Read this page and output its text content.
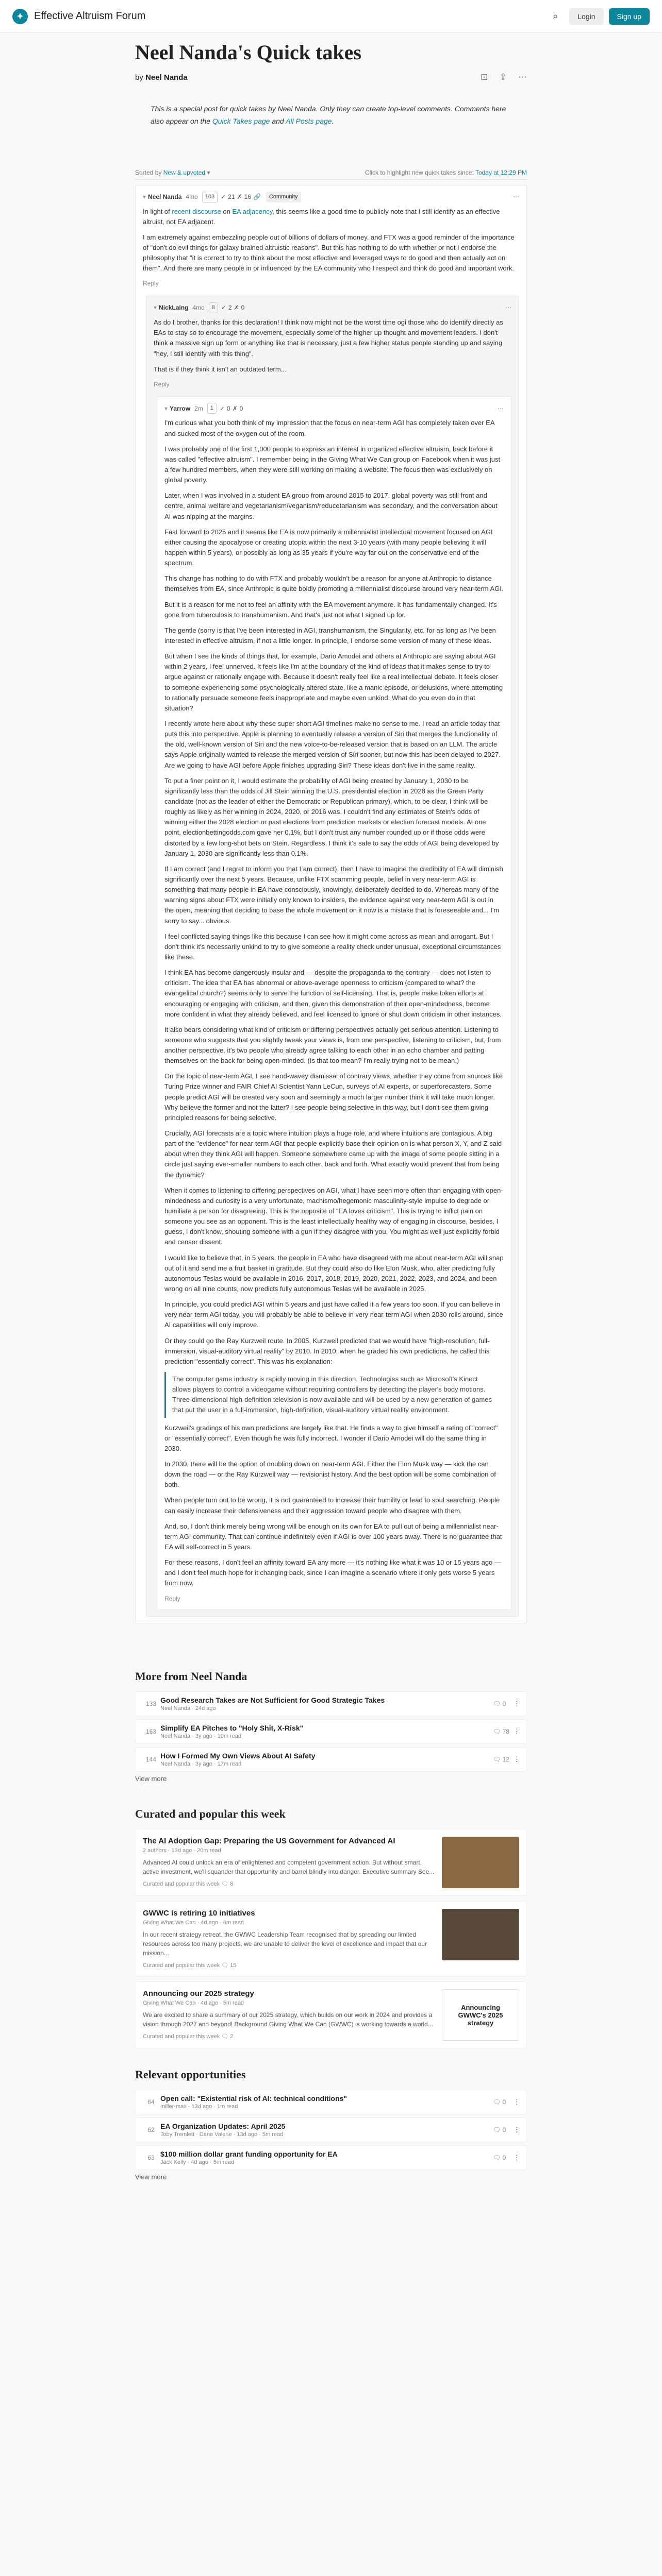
✦	Effective Altruism Forum	⌕	Login	Sign up
Neel Nanda's Quick takes
by Neel Nanda	⊡ ⇪ ⋯
This is a special post for quick takes by Neel Nanda. Only they can create top-level comments. Comments here also appear on the Quick Takes page and All Posts page.
Sorted by New & upvoted ▾	Click to highlight new quick takes since: Today at 12:29 PM
▾ Neel Nanda 4mo	103	✓ 21 ✗ 16 🔗	Community	⋯

In light of recent discourse on EA adjacency, this seems like a good time to publicly note that I still identify as an effective altruist, not EA adjacent.

I am extremely against embezzling people out of billions of dollars of money, and FTX was a good reminder of the importance of "don't do evil things for galaxy brained altruistic reasons". But this has nothing to do with whether or not I endorse the philosophy that "it is correct to try to think about the most effective and leveraged ways to do good and then actually act on them". And there are many people in or influenced by the EA community who I respect and think do good and important work.

Reply
▾ NickLaing 4mo	8	✓ 2 ✗ 0	⋯

As do I brother, thanks for this declaration! I think now might not be the worst time ogi those who do identify directly as EAs to stay so to encourage the movement, especially some of the higher up thought and movement leaders. I don't think a massive sign up form or anything like that is necessary, just a few higher status people standing up and saying "hey, I still identify with this thing".

That is if they think it isn't an outdated term...

Reply
▾ Yarrow 2m	1	✓ 0 ✗ 0	⋯

I'm curious what you both think of my impression that the focus on near-term AGI has completely taken over EA and sucked most of the oxygen out of the room.

I was probably one of the first 1,000 people to express an interest in organized effective altruism, back before it was called "effective altruism". I remember being in the Giving What We Can group on Facebook when it was just a few hundred members, when they were still working on making a website. The focus then was exclusively on global poverty.

Later, when I was involved in a student EA group from around 2015 to 2017, global poverty was still front and centre, animal welfare and vegetarianism/veganism/reducetarianism was secondary, and the conversation about AI was nipping at the margins.

Fast forward to 2025 and it seems like EA is now primarily a millennialist intellectual movement focused on AGI either causing the apocalypse or creating utopia within the next 3-10 years (with many people believing it will happen within 5 years), or possibly as long as 35 years if you're way far out on the conservative end of the spectrum.

This change has nothing to do with FTX and probably wouldn't be a reason for anyone at Anthropic to distance themselves from EA, since Anthropic is quite boldly promoting a millennialist discourse around very near-term AGI.

But it is a reason for me not to feel an affinity with the EA movement anymore. It has fundamentally changed. It's gone from tuberculosis to transhumanism. And that's just not what I signed up for.

The gentle (sorry is that I've been interested in AGI, transhumanism, the Singularity, etc. for as long as I've been interested in effective altruism, if not a little longer. In principle, I endorse some version of many of these ideas.

But when I see the kinds of things that, for example, Dario Amodei and others at Anthropic are saying about AGI within 2 years, I feel unnerved. It feels like I'm at the boundary of the kind of ideas that it makes sense to try to argue against or rationally engage with. Because it doesn't really feel like a real intellectual debate. It feels closer to someone experiencing some psychologically altered state, like a manic episode, or delusions, where attempting to rationally persuade someone feels inappropriate and maybe even unkind. What do you even do in that situation?

I recently wrote here about why these super short AGI timelines make no sense to me. I read an article today that puts this into perspective. Apple is planning to eventually release a version of Siri that merges the functionality of the old, well-known version of Siri and the new voice-to-be-released version that is based on an LLM. The article says Apple originally wanted to release the merged version of Siri sooner, but now this has been delayed to 2027. Are we going to have AGI before Apple finishes upgrading Siri? These ideas don't live in the same reality.

To put a finer point on it, I would estimate the probability of AGI being created by January 1, 2030 to be significantly less than the odds of Jill Stein winning the U.S. presidential election in 2028 as the Green Party candidate (not as the leader of either the Democratic or Republican primary), which, to be clear, I think will be roughly as likely as her winning in 2024, 2020, or 2016 was. I couldn't find any estimates of Stein's odds of winning either the 2028 election or past elections from prediction markets or election forecast models. At one point, electionbettingodds.com gave her 0.1%, but I don't trust any number rounded up or if those odds were distorted by a few long-shot bets on Stein. Regardless, I think it's safe to say the odds of AGI being developed by January 1, 2030 are significantly less than 0.1%.

If I am correct (and I regret to inform you that I am correct), then I have to imagine the credibility of EA will diminish significantly over the next 5 years. Because, unlike FTX scamming people, belief in very near-term AGI is something that many people in EA have consciously, knowingly, deliberately decided to do. Whereas many of the warning signs about FTX were initially only known to insiders, the evidence against very near-term AGI is out in the open, meaning that deciding to base the whole movement on it now is a mistake that is foreseeable and... I'm sorry to say... obvious.

I feel conflicted saying things like this because I can see how it might come across as mean and arrogant. But I don't think it's necessarily unkind to try to give someone a reality check under unusual, exceptional circumstances like these.

I think EA has become dangerously insular and — despite the propaganda to the contrary — does not listen to criticism. The idea that EA has abnormal or above-average openness to criticism (compared to what? the evangelical church?) seems only to serve the function of self-licensing. That is, people make token efforts at encouraging or engaging with criticism, and then, given this demonstration of their open-mindedness, become more confident in what they already believed, and feel licensed to ignore or shut down criticism in other instances.

It also bears considering what kind of criticism or differing perspectives actually get serious attention. Listening to someone who suggests that you slightly tweak your views is, from one perspective, listening to criticism, but, from another perspective, it's two people who already agree talking to each other in an echo chamber and patting themselves on the back for being open-minded. (Is that too mean? I'm really trying not to be mean.)

On the topic of near-term AGI, I see hand-wavey dismissal of contrary views, whether they come from sources like Turing Prize winner and FAIR Chief AI Scientist Yann LeCun, surveys of AI experts, or superforecasters. Some people predict AGI will be created very soon and seemingly a much larger number think it will take much longer. Why believe the former and not the latter? I see people being selective in this way, but I don't see them giving principled reasons for being selective.

Crucially, AGI forecasts are a topic where intuition plays a huge role, and where intuitions are contagious. A big part of the "evidence" for near-term AGI that people explicitly base their opinion on is what person X, Y, and Z said about when they think AGI will happen. Someone somewhere came up with the image of some people sitting in a circle just saying ever-smaller numbers to each other, back and forth. What exactly would prevent that from being the dynamic?

When it comes to listening to differing perspectives on AGI, what I have seen more often than engaging with open-mindedness and curiosity is a very unfortunate, machismo/hegemonic masculinity-style impulse to degrade or humiliate a person for disagreeing. This is the opposite of "EA loves criticism". This is trying to inflict pain on someone you see as an opponent. This is the least intellectually healthy way of engaging in discourse, besides, I guess, I don't know, shouting someone with a gun if they disagree with you. You might as well just explicitly forbid and censor dissent.

I would like to believe that, in 5 years, the people in EA who have disagreed with me about near-term AGI will snap out of it and send me a fruit basket in gratitude. But they could also do like Elon Musk, who, after predicting fully autonomous Teslas would be available in 2016, 2017, 2018, 2019, 2020, 2021, 2022, 2023, and 2024, and been wrong on all nine counts, now predicts fully autonomous Teslas will be available in 2025.

In principle, you could predict AGI within 5 years and just have called it a few years too soon. If you can believe in very near-term AGI today, you will probably be able to believe in very near-term AGI when 2030 rolls around, since AI capabilities will only improve.

Or they could go the Ray Kurzweil route. In 2005, Kurzweil predicted that we would have "high-resolution, full-immersion, visual-auditory virtual reality" by 2010. In 2010, when he graded his own predictions, he called this prediction "essentially correct". This was his explanation:

The computer game industry is rapidly moving in this direction. Technologies such as Microsoft's Kinect allows players to control a videogame without requiring controllers by detecting the player's body motions. Three-dimensional high-definition television is now available and will be used by a new generation of games that put the user in a full-immersion, high-definition, visual-auditory virtual reality environment.

Kurzweil's gradings of his own predictions are largely like that. He finds a way to give himself a rating of "correct" or "essentially correct". Even though he was fully incorrect. I wonder if Dario Amodei will do the same thing in 2030.

In 2030, there will be the option of doubling down on near-term AGI. Either the Elon Musk way — kick the can down the road — or the Ray Kurzweil way — revisionist history. And the best option will be some combination of both.

When people turn out to be wrong, it is not guaranteed to increase their humility or lead to soul searching. People can easily increase their defensiveness and their aggression toward people who disagree with them.

And, so, I don't think merely being wrong will be enough on its own for EA to pull out of being a millennialist near-term AGI community. That can continue indefinitely even if AGI is over 100 years away. There is no guarantee that EA will self-correct in 5 years.

For these reasons, I don't feel an affinity toward EA any more — it's nothing like what it was 10 or 15 years ago — and I don't feel much hope for it changing back, since I can imagine a scenario where it only gets worse 5 years from now.

Reply
More from Neel Nanda
133 Good Research Takes are Not Sufficient for Good Strategic Takes
Neel Nanda · 24d ago
🗨 0	⋮
163 Simplify EA Pitches to "Holy Shit, X-Risk"
Neel Nanda · 3y ago · 10m read
🗨 78 ⋮
144 How I Formed My Own Views About AI Safety
Neel Nanda · 3y ago · 17m read
🗨 12 ⋮
View more
Curated and popular this week
The AI Adoption Gap: Preparing the US Government for Advanced AI
2 authors · 13d ago · 20m read
Advanced AI could unlock an era of enlightened and competent government action. But without smart, active investment, we'll squander that opportunity and barrel blindly into danger. Executive summary See...
Curated and popular this week 🗨 8
GWWC is retiring 10 initiatives
Giving What We Can · 4d ago · 6m read
In our recent strategy retreat, the GWWC Leadership Team recognised that by spreading our limited resources across too many projects, we are unable to deliver the level of excellence and impact that our mission...
Curated and popular this week 🗨 15
Announcing our 2025 strategy
Giving What We Can · 4d ago · 5m read
We are excited to share a summary of our 2025 strategy, which builds on our work in 2024 and provides a vision through 2027 and beyond! Background Giving What We Can (GWWC) is working towards a world...
Curated and popular this week 🗨 2
Announcing GWWC's 2025 strategy
Relevant opportunities
64 Open call: "Existential risk of AI: technical conditions"
miller-max · 13d ago · 1m read
🗨 0	⋮
62 EA Organization Updates: April 2025
Toby Tremlett · Dane Valerie · 13d ago · 5m read
🗨 0	⋮
63 $100 million dollar grant funding opportunity for EA
Jack Kelly · 4d ago · 5m read
🗨 0	⋮
View more
